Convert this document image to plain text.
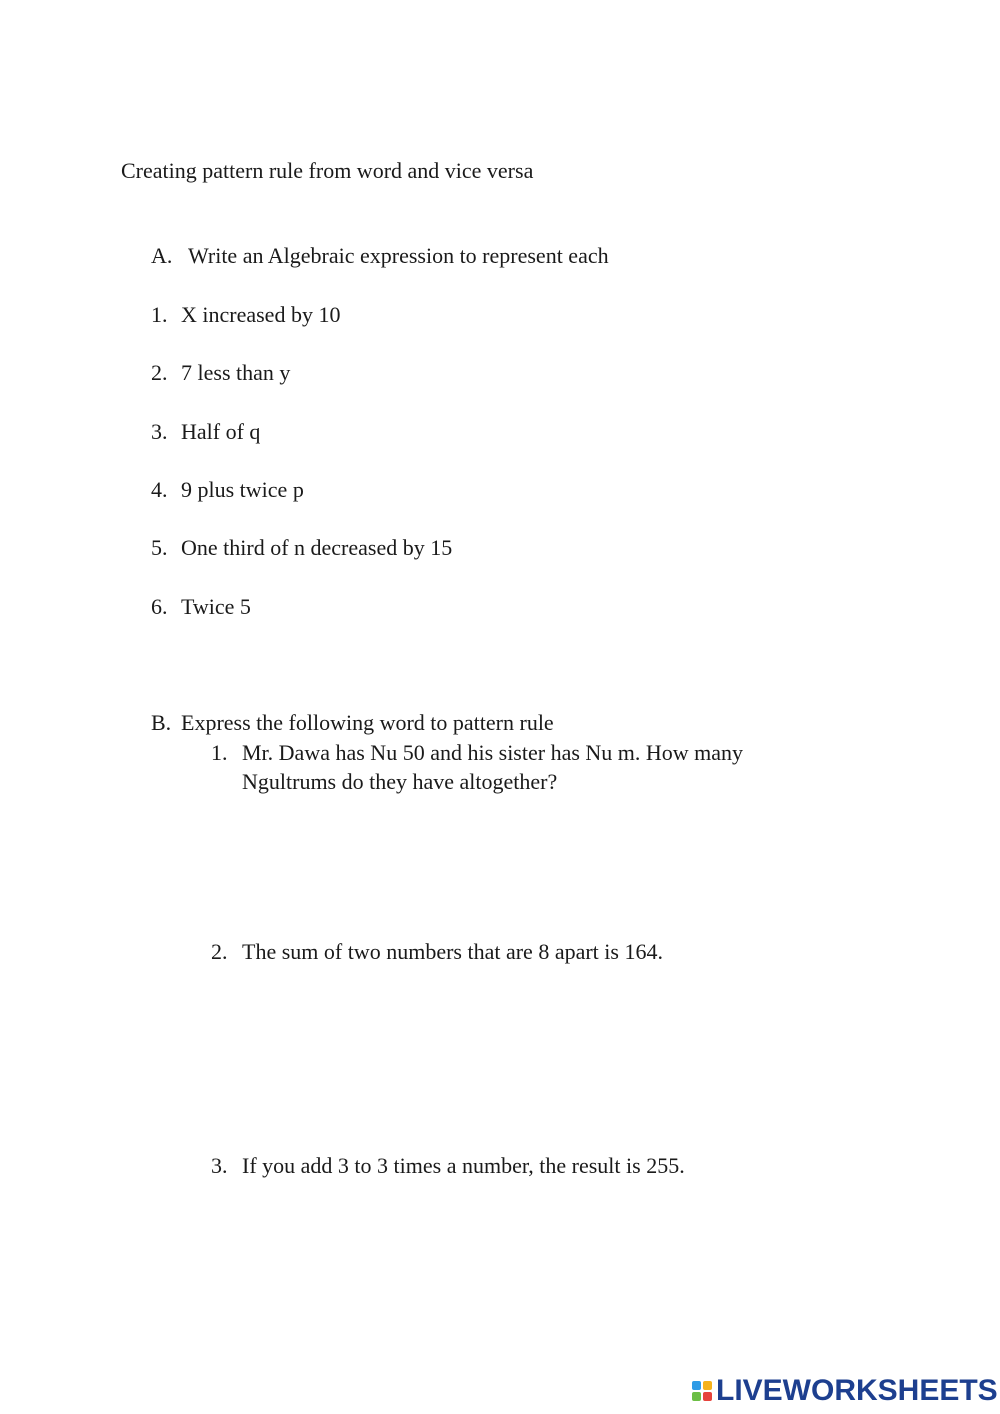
Creating pattern rule from word and vice versa
A. Write an Algebraic expression to represent each
1. X increased by 10
2. 7 less than y
3. Half of q
4. 9 plus twice p
5. One third of n decreased by 15
6. Twice 5
B. Express the following word to pattern rule
1. Mr. Dawa has Nu 50 and his sister has Nu m. How many Ngultrums do they have altogether?
2. The sum of two numbers that are 8 apart is 164.
3. If you add 3 to 3 times a number, the result is 255.
LIVEWORKSHEETS
